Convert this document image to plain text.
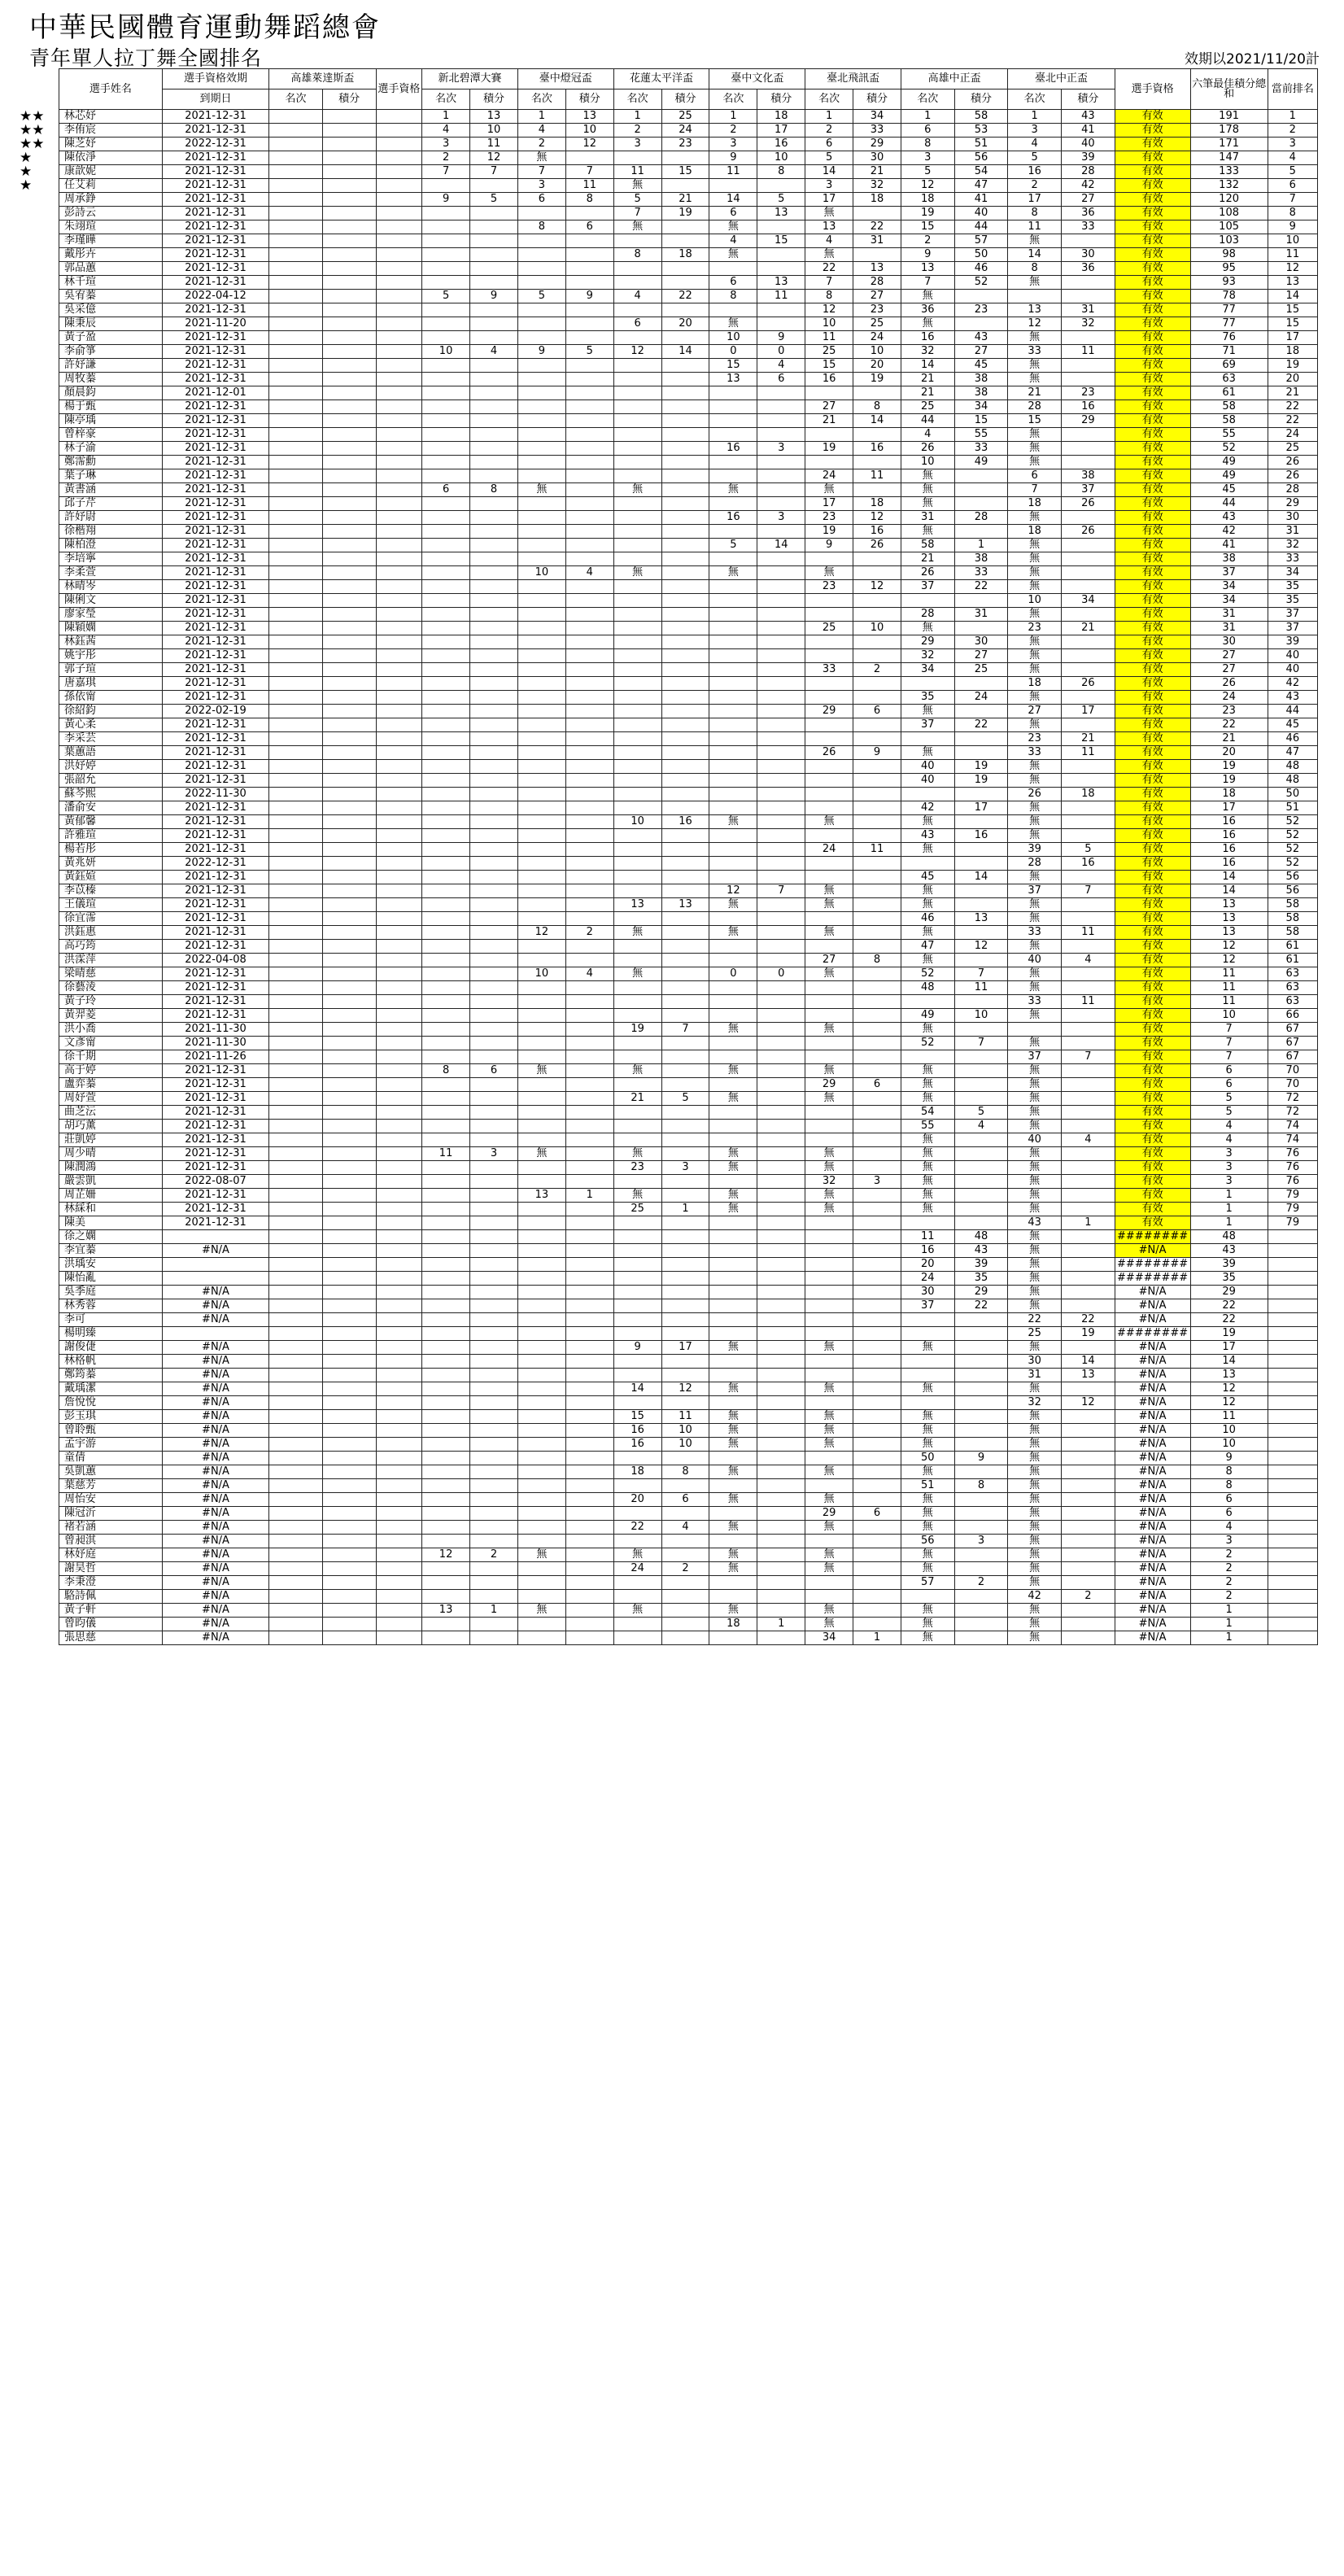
中華民國體育運動舞蹈總會
青年單人拉丁舞全國排名	效期以2021/11/20計
★★
★★
★★
★
★
★
選手姓名	選手資格效期	高雄萊達斯盃		選手資格	新北碧潭大賽		臺中燈冠盃		花蓮太平洋盃		臺中文化盃		臺北飛訊盃		高雄中正盃		臺北中正盃		選手資格	六筆最佳積分總和	當前排名
	到期日	名次	積分		名次	積分	名次	積分	名次	積分	名次	積分	名次	積分	名次	積分	名次	積分			
林芯妤	2021-12-31				1	13	1	13	1	25	1	18	1	34	1	58	1	43	有效	191	1
李侑宸	2021-12-31				4	10	4	10	2	24	2	17	2	33	6	53	3	41	有效	178	2
陳芝妤	2022-12-31				3	11	2	12	3	23	3	16	6	29	8	51	4	40	有效	171	3
陳依淨	2021-12-31				2	12	無				9	10	5	30	3	56	5	39	有效	147	4
康歆妮	2021-12-31				7	7	7	7	11	15	11	8	14	21	5	54	16	28	有效	133	5
任艾莉	2021-12-31						3	11	無				3	32	12	47	2	42	有效	132	6
周承錚	2021-12-31				9	5	6	8	5	21	14	5	17	18	18	41	17	27	有效	120	7
彭詩云	2021-12-31								7	19	6	13	無		19	40	8	36	有效	108	8
朱翊瑄	2021-12-31						8	6	無		無		13	22	15	44	11	33	有效	105	9
李瑾曄	2021-12-31										4	15	4	31	2	57	無		有效	103	10
戴彤卉	2021-12-31								8	18	無		無		9	50	14	30	有效	98	11
郭品蕙	2021-12-31												22	13	13	46	8	36	有效	95	12
林千瑄	2021-12-31										6	13	7	28	7	52	無		有效	93	13
吳宥蓁	2022-04-12				5	9	5	9	4	22	8	11	8	27	無				有效	78	14
吳采億	2021-12-31												12	23	36	23	13	31	有效	77	15
陳秉辰	2021-11-20								6	20	無		10	25	無		12	32	有效	77	15
黃子盈	2021-12-31										10	9	11	24	16	43	無		有效	76	17
李俞箏	2021-12-31				10	4	9	5	12	14	0	0	25	10	32	27	33	11	有效	71	18
許妤謙	2021-12-31										15	4	15	20	14	45	無		有效	69	19
周牧蓁	2021-12-31										13	6	16	19	21	38	無		有效	63	20
顏晨鈞	2021-12-01														21	38	21	23	有效	61	21
楊于甄	2021-12-31												27	8	25	34	28	16	有效	58	22
陳亭瑀	2021-12-31												21	14	44	15	15	29	有效	58	22
曾梓豪	2021-12-31														4	55	無		有效	55	24
林子渝	2021-12-31										16	3	19	16	26	33	無		有效	52	25
鄭霈勳	2021-12-31														10	49	無		有效	49	26
葉子琳	2021-12-31												24	11	無		6	38	有效	49	26
黃書涵	2021-12-31				6	8	無		無		無		無		無		7	37	有效	45	28
邱子芹	2021-12-31												17	18	無		18	26	有效	44	29
許妤尉	2021-12-31										16	3	23	12	31	28	無		有效	43	30
徐楷翔	2021-12-31												19	16	無		18	26	有效	42	31
陳柏澄	2021-12-31										5	14	9	26	58	1	無		有效	41	32
李培寧	2021-12-31														21	38	無		有效	38	33
李柔萱	2021-12-31						10	4	無		無		無		26	33	無		有效	37	34
林晴岑	2021-12-31												23	12	37	22	無		有效	34	35
陳俐文	2021-12-31																10	34	有效	34	35
廖家瑩	2021-12-31														28	31	無		有效	31	37
陳穎嫻	2021-12-31												25	10	無		23	21	有效	31	37
林鈺茜	2021-12-31														29	30	無		有效	30	39
姚宇彤	2021-12-31														32	27	無		有效	27	40
郭子瑄	2021-12-31												33	2	34	25	無		有效	27	40
唐嘉琪	2021-12-31																18	26	有效	26	42
孫依甯	2021-12-31														35	24	無		有效	24	43
徐紹鈞	2022-02-19												29	6	無		27	17	有效	23	44
黃心柔	2021-12-31														37	22	無		有效	22	45
李采芸	2021-12-31																23	21	有效	21	46
葉蕙語	2021-12-31												26	9	無		33	11	有效	20	47
洪妤婷	2021-12-31														40	19	無		有效	19	48
張韶允	2021-12-31														40	19	無		有效	19	48
蘇芩熙	2022-11-30																26	18	有效	18	50
潘俞安	2021-12-31														42	17	無		有效	17	51
黃郁馨	2021-12-31								10	16	無		無		無		無		有效	16	52
許雅瑄	2021-12-31														43	16	無		有效	16	52
楊若彤	2021-12-31												24	11	無		39	5	有效	16	52
黃兆妍	2022-12-31																28	16	有效	16	52
黃鈺媗	2021-12-31														45	14	無		有效	14	56
李苡榛	2021-12-31										12	7	無		無		37	7	有效	14	56
王儀瑄	2021-12-31								13	13	無		無		無		無		有效	13	58
徐宜霈	2021-12-31														46	13	無		有效	13	58
洪鈺惠	2021-12-31						12	2	無		無		無		無		33	11	有效	13	58
高巧筠	2021-12-31														47	12	無		有效	12	61
洪霂萍	2022-04-08												27	8	無		40	4	有效	12	61
梁晴慈	2021-12-31						10	4	無		0	0	無		52	7	無		有效	11	63
徐藝淩	2021-12-31														48	11	無		有效	11	63
黃子玲	2021-12-31																33	11	有效	11	63
黃羿菱	2021-12-31														49	10	無		有效	10	66
洪小喬	2021-11-30								19	7	無		無		無				有效	7	67
文彥甯	2021-11-30														52	7	無		有效	7	67
徐千期	2021-11-26																37	7	有效	7	67
高于婷	2021-12-31				8	6	無		無		無		無		無		無		有效	6	70
盧弈蓁	2021-12-31												29	6	無		無		有效	6	70
周妤萱	2021-12-31								21	5	無		無		無		無		有效	5	72
曲芝沄	2021-12-31														54	5	無		有效	5	72
胡巧薰	2021-12-31														55	4	無		有效	4	74
莊凱婷	2021-12-31														無		40	4	有效	4	74
周少晴	2021-12-31				11	3	無		無		無		無		無		無		有效	3	76
陳潤鴻	2021-12-31								23	3	無		無		無		無		有效	3	76
嚴雲凱	2022-08-07												32	3	無		無		有效	3	76
周芷姍	2021-12-31						13	1	無		無		無		無		無		有效	1	79
林綵和	2021-12-31								25	1	無		無		無		無		有效	1	79
陳美	2021-12-31																43	1	有效	1	79
徐之嫻															11	48	無		########	48	
李宜蓁	#N/A														16	43	無		#N/A	43	
洪瑀安															20	39	無		########	39	
陳怡亂															24	35	無		########	35	
吳季庭	#N/A														30	29	無		#N/A	29	
林秀蓉	#N/A														37	22	無		#N/A	22	
李可	#N/A																22	22	#N/A	22	
楊明臻																	25	19	########	19	
謝俊倢	#N/A								9	17	無		無		無		無		#N/A	17	
林格帆	#N/A																30	14	#N/A	14	
鄭筠蓁	#N/A																31	13	#N/A	13	
戴瑀潔	#N/A								14	12	無		無		無		無		#N/A	12	
詹悅悅	#N/A																32	12	#N/A	12	
彭玉琪	#N/A								15	11	無		無		無		無		#N/A	11	
曾聆甄	#N/A								16	10	無		無		無		無		#N/A	10	
孟宇游	#N/A								16	10	無		無		無		無		#N/A	10	
童倩	#N/A														50	9	無		#N/A	9	
吳凱蕙	#N/A								18	8	無		無		無		無		#N/A	8	
葉慈芳	#N/A														51	8	無		#N/A	8	
周怡安	#N/A								20	6	無		無		無		無		#N/A	6	
陳冠沂	#N/A												29	6	無		無		#N/A	6	
褚若涵	#N/A								22	4	無		無		無		無		#N/A	4	
曾昶淇	#N/A														56	3	無		#N/A	3	
林妤庭	#N/A				12	2	無		無		無		無		無		無		#N/A	2	
謝昊哲	#N/A								24	2	無		無		無		無		#N/A	2	
李秉澄	#N/A														57	2	無		#N/A	2	
駱詩佩	#N/A																42	2	#N/A	2	
黃子軒	#N/A				13	1	無		無		無		無		無		無		#N/A	1	
曾昀儀	#N/A										18	1	無		無		無		#N/A	1	
張思慈	#N/A												34	1	無		無		#N/A	1	
